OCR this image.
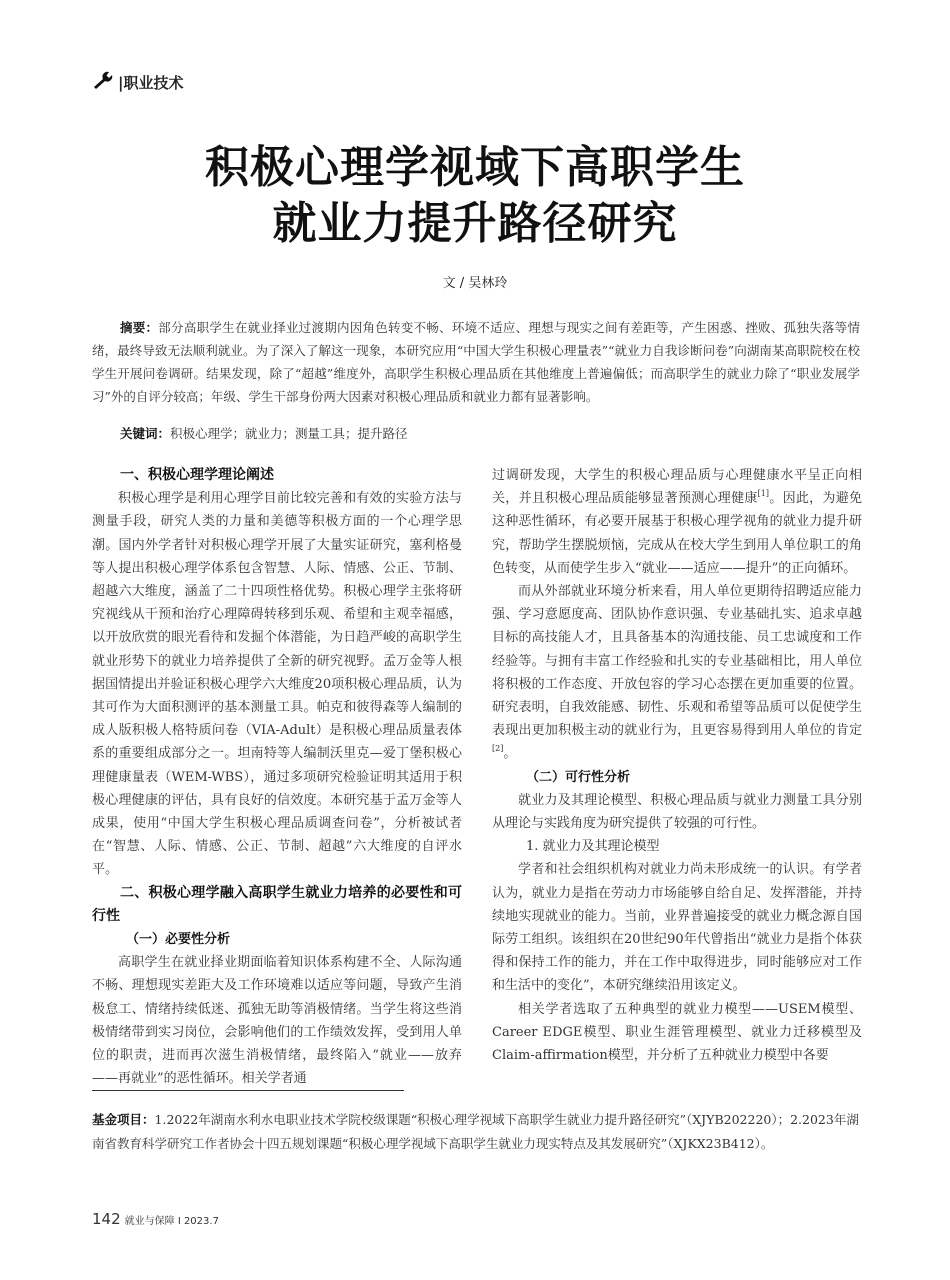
|职业技术
积极心理学视域下高职学生
就业力提升路径研究
文 / 吴林玲
摘要：部分高职学生在就业择业过渡期内因角色转变不畅、环境不适应、理想与现实之间有差距等，产生困惑、挫败、孤独失落等情绪，最终导致无法顺利就业。为了深入了解这一现象，本研究应用“中国大学生积极心理量表”“就业力自我诊断问卷”向湖南某高职院校在校学生开展问卷调研。结果发现，除了“超越”维度外，高职学生积极心理品质在其他维度上普遍偏低；而高职学生的就业力除了“职业发展学习”外的自评分较高；年级、学生干部身份两大因素对积极心理品质和就业力都有显著影响。
关键词：积极心理学；就业力；测量工具；提升路径
一、积极心理学理论阐述

积极心理学是利用心理学目前比较完善和有效的实验方法与测量手段，研究人类的力量和美德等积极方面的一个心理学思潮。国内外学者针对积极心理学开展了大量实证研究，塞利格曼等人提出积极心理学体系包含智慧、人际、情感、公正、节制、超越六大维度，涵盖了二十四项性格优势。积极心理学主张将研究视线从干预和治疗心理障碍转移到乐观、希望和主观幸福感，以开放欣赏的眼光看待和发掘个体潜能，为日趋严峻的高职学生就业形势下的就业力培养提供了全新的研究视野。孟万金等人根据国情提出并验证积极心理学六大维度20项积极心理品质，认为其可作为大面积测评的基本测量工具。帕克和彼得森等人编制的成人版积极人格特质问卷（VIA-Adult）是积极心理品质量表体系的重要组成部分之一。坦南特等人编制沃里克—爱丁堡积极心理健康量表（WEM-WBS），通过多项研究检验证明其适用于积极心理健康的评估，具有良好的信效度。本研究基于孟万金等人成果，使用“中国大学生积极心理品质调查问卷”，分析被试者在“智慧、人际、情感、公正、节制、超越”六大维度的自评水平。

二、积极心理学融入高职学生就业力培养的必要性和可行性
（一）必要性分析

高职学生在就业择业期面临着知识体系构建不全、人际沟通不畅、理想现实差距大及工作环境难以适应等问题，导致产生消极怠工、情绪持续低迷、孤独无助等消极情绪。当学生将这些消极情绪带到实习岗位，会影响他们的工作绩效发挥，受到用人单位的职责，进而再次滋生消极情绪，最终陷入“就业——放弃——再就业”的恶性循环。相关学者通

过调研发现，大学生的积极心理品质与心理健康水平呈正向相关，并且积极心理品质能够显著预测心理健康[1]。因此，为避免这种恶性循环，有必要开展基于积极心理学视角的就业力提升研究，帮助学生摆脱烦恼，完成从在校大学生到用人单位职工的角色转变，从而使学生步入“就业——适应——提升”的正向循环。

而从外部就业环境分析来看，用人单位更期待招聘适应能力强、学习意愿度高、团队协作意识强、专业基础扎实、追求卓越目标的高技能人才，且具备基本的沟通技能、员工忠诚度和工作经验等。与拥有丰富工作经验和扎实的专业基础相比，用人单位将积极的工作态度、开放包容的学习心态摆在更加重要的位置。研究表明，自我效能感、韧性、乐观和希望等品质可以促使学生表现出更加积极主动的就业行为，且更容易得到用人单位的肯定[2]。

（二）可行性分析

就业力及其理论模型、积极心理品质与就业力测量工具分别从理论与实践角度为研究提供了较强的可行性。

1. 就业力及其理论模型

学者和社会组织机构对就业力尚未形成统一的认识。有学者认为，就业力是指在劳动力市场能够自给自足、发挥潜能，并持续地实现就业的能力。当前，业界普遍接受的就业力概念源自国际劳工组织。该组织在20世纪90年代曾指出“就业力是指个体获得和保持工作的能力，并在工作中取得进步，同时能够应对工作和生活中的变化”，本研究继续沿用该定义。

相关学者选取了五种典型的就业力模型——USEM模型、Career EDGE模型、职业生涯管理模型、就业力迁移模型及Claim-affirmation模型，并分析了五种就业力模型中各要

基金项目：1.2022年湖南水利水电职业技术学院校级课题“积极心理学视域下高职学生就业力提升路径研究”（XJYB202220）；2.2023年湖南省教育科学研究工作者协会十四五规划课题“积极心理学视域下高职学生就业力现实特点及其发展研究”（XJKX23B412）。
142 就业与保障 I 2023.7
